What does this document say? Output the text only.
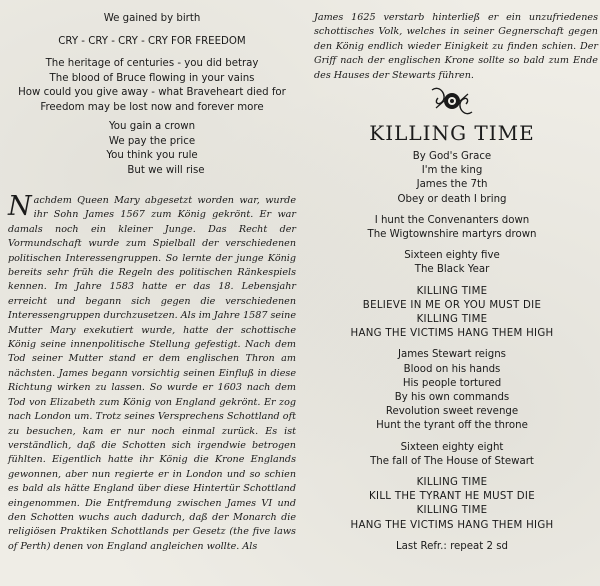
We gained by birth
CRY - CRY - CRY - CRY FOR FREEDOM
The heritage of centuries - you did betray
The blood of Bruce flowing in your vains
How could you give away - what Braveheart died for
Freedom may be lost now and forever more
You gain a crown
We pay the price
You think you rule
But we will rise
Nachdem Queen Mary abgesetzt worden war, wurde ihr Sohn James 1567 zum König gekrönt. Er war damals noch ein kleiner Junge. Das Recht der Vormundschaft wurde zum Spielball der verschiedenen politischen Interessengruppen. So lernte der junge König bereits sehr früh die Regeln des politischen Ränkespiels kennen. Im Jahre 1583 hatte er das 18. Lebensjahr erreicht und begann sich gegen die verschiedenen Interessengruppen durchzusetzen. Als im Jahre 1587 seine Mutter Mary exekutiert wurde, hatte der schottische König seine innenpolitische Stellung gefestigt. Nach dem Tod seiner Mutter stand er dem englischen Thron am nächsten. James begann vorsichtig seinen Einfluß in diese Richtung wirken zu lassen. So wurde er 1603 nach dem Tod von Elizabeth zum König von England gekrönt. Er zog nach London um. Trotz seines Versprechens Schottland oft zu besuchen, kam er nur noch einmal zurück. Es ist verständlich, daß die Schotten sich irgendwie betrogen fühlten. Eigentlich hatte ihr König die Krone Englands gewonnen, aber nun regierte er in London und so schien es bald als hätte England über diese Hintertür Schottland eingenommen. Die Entfremdung zwischen James VI und den Schotten wuchs auch dadurch, daß der Monarch die religiösen Praktiken Schottlands per Gesetz (the five laws of Perth) denen von England angleichen wollte. Als
James 1625 verstarb hinterließ er ein unzufriedenes schottisches Volk, welches in seiner Gegnerschaft gegen den König endlich wieder Einigkeit zu finden schien. Der Griff nach der englischen Krone sollte so bald zum Ende des Hauses der Stewarts führen.
KILLING TIME
By God's Grace
I'm the king
James the 7th
Obey or death I bring
I hunt the Convenanters down
The Wigtownshire martyrs drown
Sixteen eighty five
The Black Year
KILLING TIME
BELIEVE IN ME OR YOU MUST DIE
KILLING TIME
HANG THE VICTIMS HANG THEM HIGH
James Stewart reigns
Blood on his hands
His people tortured
By his own commands
Revolution sweet revenge
Hunt the tyrant off the throne
Sixteen eighty eight
The fall of The House of Stewart
KILLING TIME
KILL THE TYRANT HE MUST DIE
KILLING TIME
HANG THE VICTIMS HANG THEM HIGH
Last Refr.: repeat 2 sd
